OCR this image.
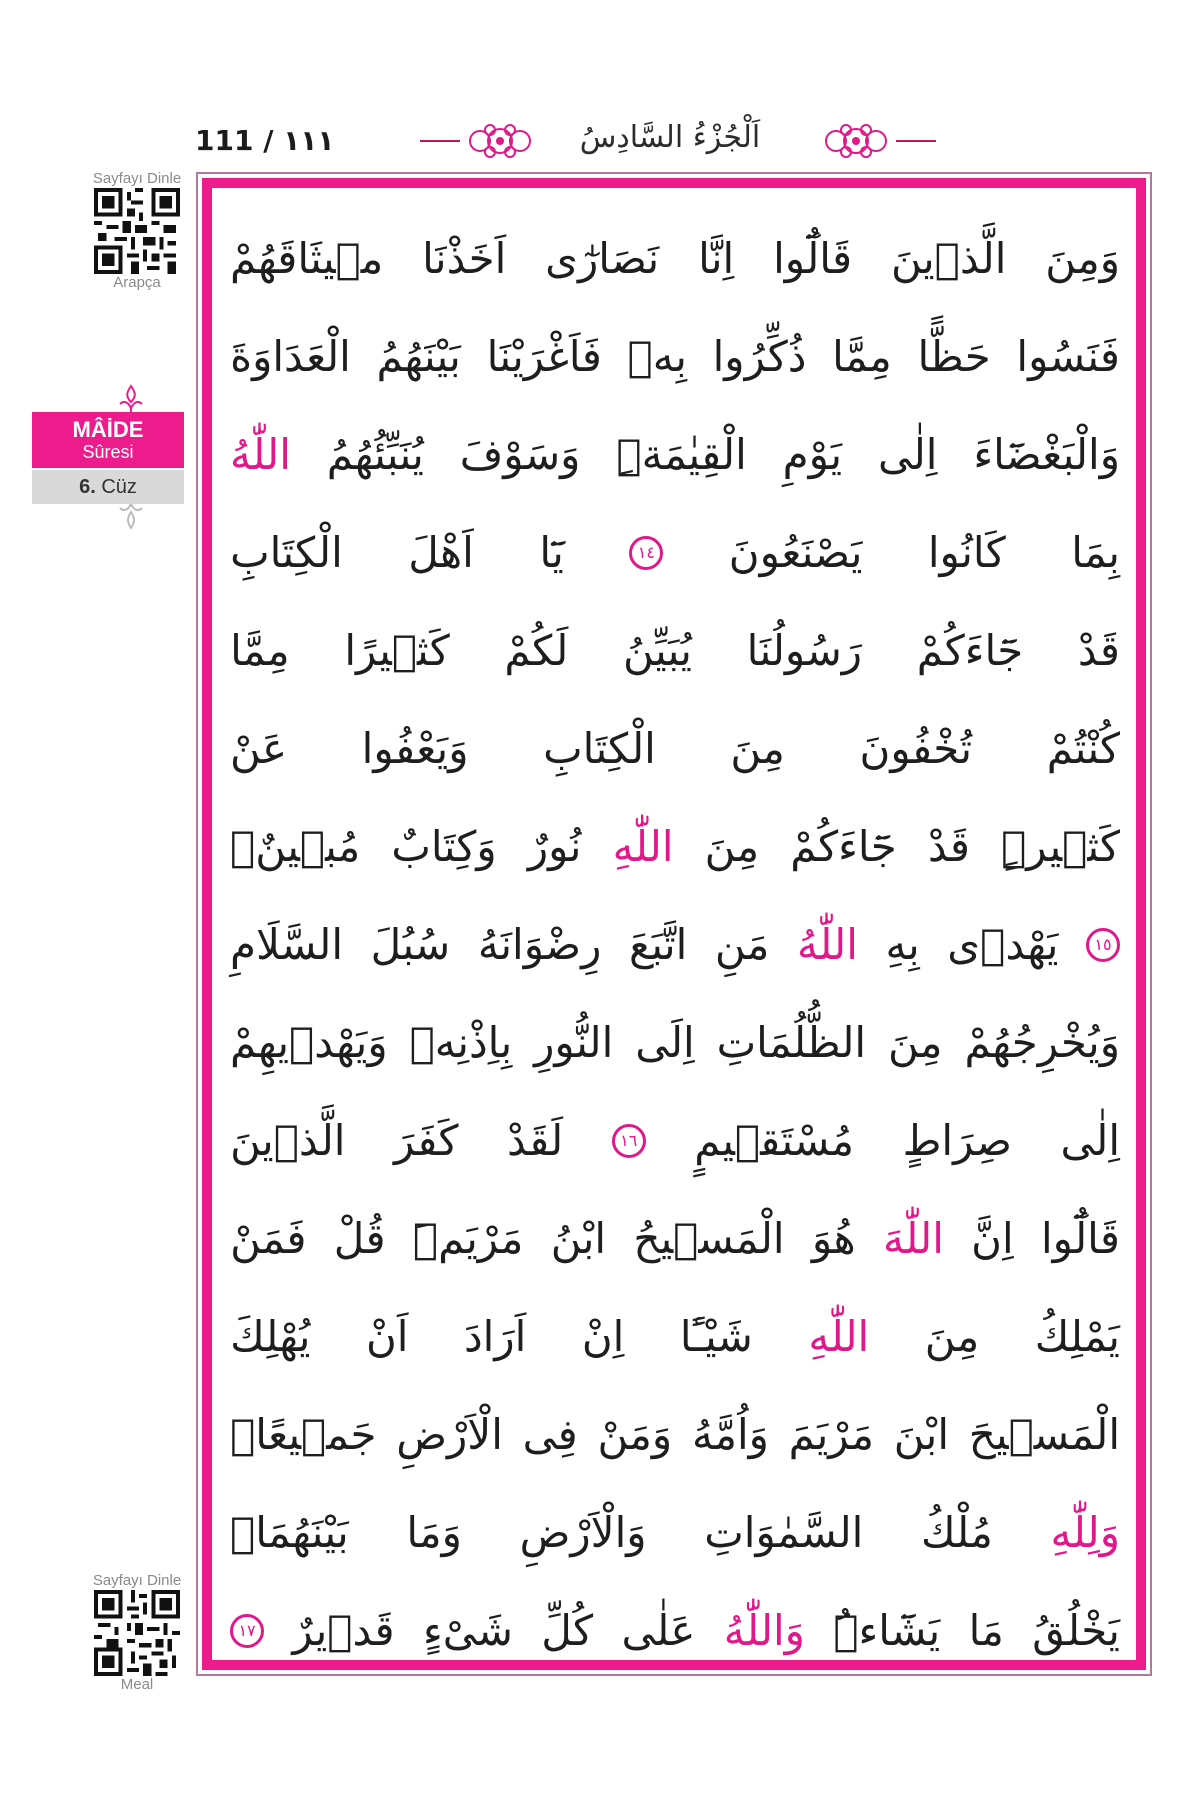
111 / ١١١	اَلْجُزْءُ السَّادِسُ
Sayfayı Dinle
Arapça
MÂİDE
Sûresi
6. Cüz
Sayfayı Dinle
Meal
وَمِنَ
الَّذٖينَ
قَالُٓوا
اِنَّا
نَصَارٰٓى
اَخَذْنَا
مٖيثَاقَهُمْ
فَنَسُوا
حَظًّا
مِمَّا
ذُكِّرُوا
بِهٖ
فَاَغْرَيْنَا
بَيْنَهُمُ
الْعَدَاوَةَ
وَالْبَغْضَٓاءَ
اِلٰى
يَوْمِ
الْقِيٰمَةِۜ
وَسَوْفَ
يُنَبِّئُهُمُ
اللّٰهُ
بِمَا
كَانُوا
يَصْنَعُونَ
١٤
يَٓا
اَهْلَ
الْكِتَابِ
قَدْ
جَٓاءَكُمْ
رَسُولُنَا
يُبَيِّنُ
لَكُمْ
كَثٖيرًا
مِمَّا
كُنْتُمْ
تُخْفُونَ
مِنَ
الْكِتَابِ
وَيَعْفُوا
عَنْ
كَثٖيرٍۜ
قَدْ
جَٓاءَكُمْ
مِنَ
اللّٰهِ
نُورٌ
وَكِتَابٌ
مُبٖينٌۙ
١٥
يَهْدٖى
بِهِ
اللّٰهُ
مَنِ
اتَّبَعَ
رِضْوَانَهُ
سُبُلَ
السَّلَامِ
وَيُخْرِجُهُمْ
مِنَ
الظُّلُمَاتِ
اِلَى
النُّورِ
بِاِذْنِهٖ
وَيَهْدٖيهِمْ
اِلٰى
صِرَاطٍ
مُسْتَقٖيمٍ
١٦
لَقَدْ
كَفَرَ
الَّذٖينَ
قَالُٓوا
اِنَّ
اللّٰهَ
هُوَ
الْمَسٖيحُ
ابْنُ
مَرْيَمَۜ
قُلْ
فَمَنْ
يَمْلِكُ
مِنَ
اللّٰهِ
شَيْـًٔا
اِنْ
اَرَادَ
اَنْ
يُهْلِكَ
الْمَسٖيحَ
ابْنَ
مَرْيَمَ
وَاُمَّهُ
وَمَنْ
فِى
الْاَرْضِ
جَمٖيعًاۜ
وَلِلّٰهِ
مُلْكُ
السَّمٰوَاتِ
وَالْاَرْضِ
وَمَا
بَيْنَهُمَاۜ
يَخْلُقُ
مَا
يَشَٓاءُۜ
وَاللّٰهُ
عَلٰى
كُلِّ
شَىْءٍ
قَدٖيرٌ
١٧
